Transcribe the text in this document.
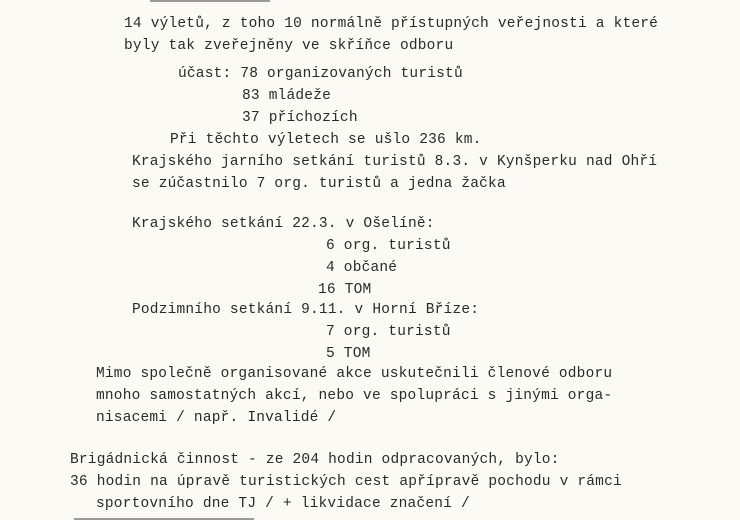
14 výletů, z toho 10 normálně přístupných veřejnosti a které
byly tak zveřejněny ve skříňce odboru
účast: 78 organizovaných turistů
83 mládeže
37 příchozích
Při těchto výletech se ušlo 236 km.
Krajského jarního setkání turistů 8.3. v Kynšperku nad Ohří
se zúčastnilo 7 org. turistů a jedna žačka
Krajského setkání 22.3. v Ošelíně:
6 org. turistů
4 občané
16 TOM
Podzimního setkání 9.11. v Horní Bříze:
7 org. turistů
5 TOM
Mimo společně organisované akce uskutečnili členové odboru
mnoho samostatných akcí, nebo ve spolupráci s jinými orga-
nisacemi / např. Invalidé /
Brigádnická činnost - ze 204 hodin odpracovaných, bylo:
36 hodin na úpravě turistických cest apřípravě pochodu v rámci
sportovního dne TJ / + likvidace značení /
